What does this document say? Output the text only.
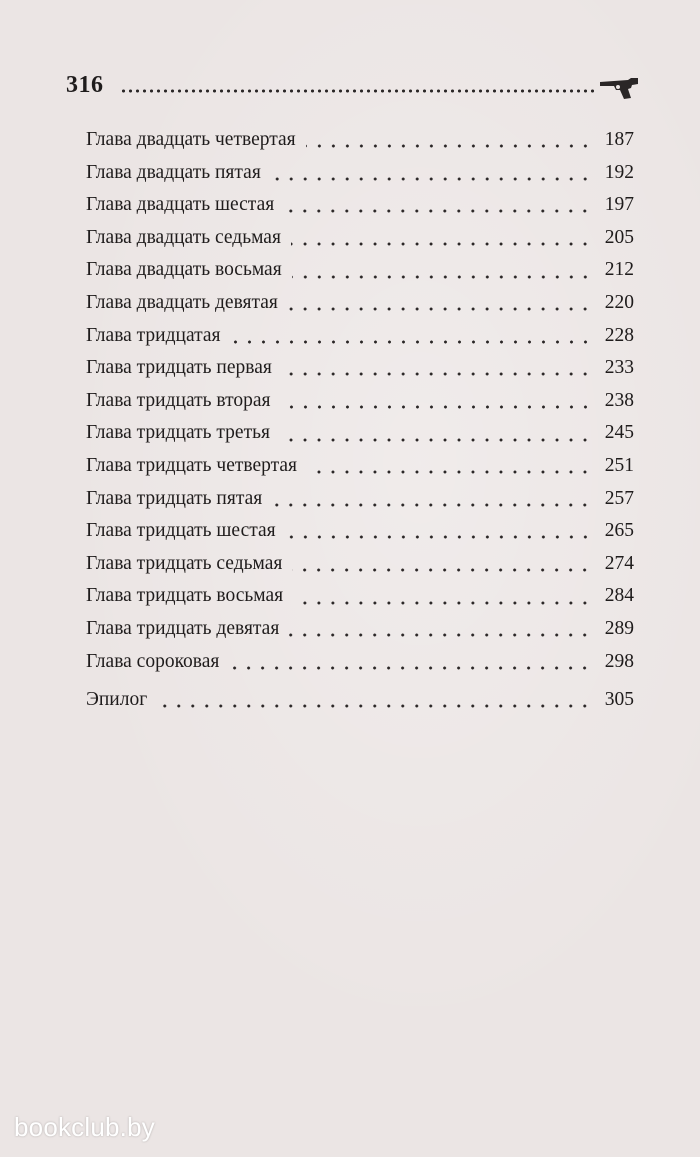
316
Глава двадцать четвертая	187
Глава двадцать пятая	192
Глава двадцать шестая	197
Глава двадцать седьмая	205
Глава двадцать восьмая	212
Глава двадцать девятая	220
Глава тридцатая	228
Глава тридцать первая	233
Глава тридцать вторая	238
Глава тридцать третья	245
Глава тридцать четвертая	251
Глава тридцать пятая	257
Глава тридцать шестая	265
Глава тридцать седьмая	274
Глава тридцать восьмая	284
Глава тридцать девятая	289
Глава сороковая	298
Эпилог	305
bookclub.by
